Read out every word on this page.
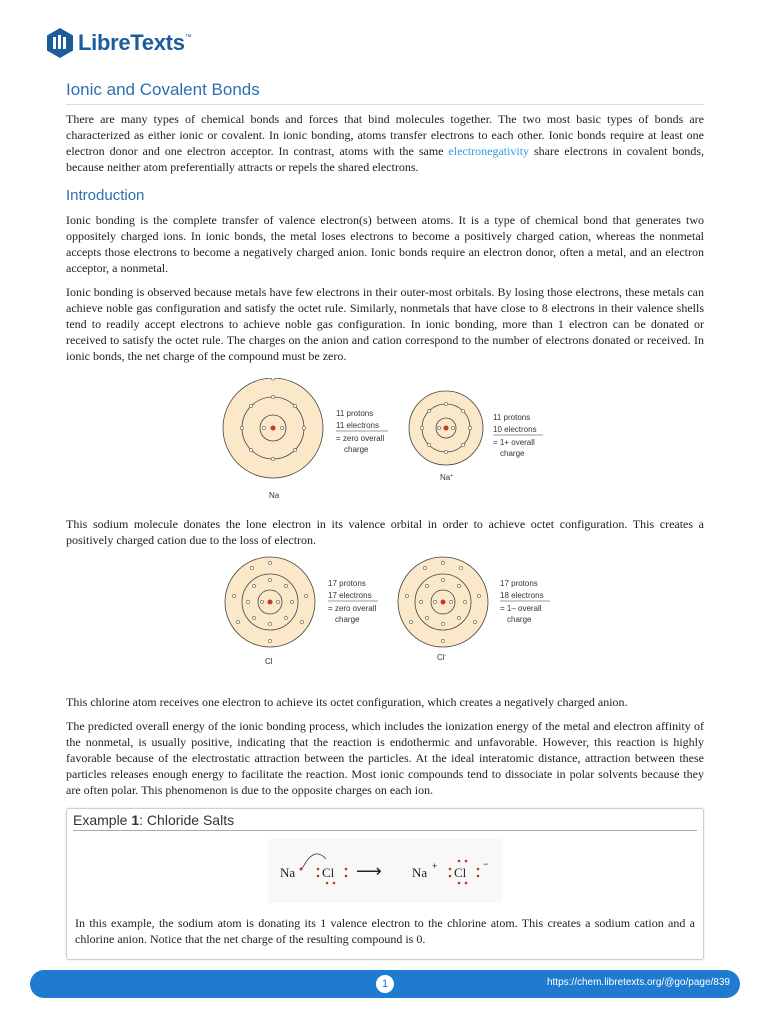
LibreTexts™
Ionic and Covalent Bonds

There are many types of chemical bonds and forces that bind molecules together. The two most basic types of bonds are characterized as either ionic or covalent. In ionic bonding, atoms transfer electrons to each other. Ionic bonds require at least one electron donor and one electron acceptor. In contrast, atoms with the same electronegativity share electrons in covalent bonds, because neither atom preferentially attracts or repels the shared electrons.

Introduction

Ionic bonding is the complete transfer of valence electron(s) between atoms. It is a type of chemical bond that generates two oppositely charged ions. In ionic bonds, the metal loses electrons to become a positively charged cation, whereas the nonmetal accepts those electrons to become a negatively charged anion. Ionic bonds require an electron donor, often a metal, and an electron acceptor, a nonmetal.

Ionic bonding is observed because metals have few electrons in their outer-most orbitals. By losing those electrons, these metals can achieve noble gas configuration and satisfy the octet rule. Similarly, nonmetals that have close to 8 electrons in their valence shells tend to readily accept electrons to achieve noble gas configuration. In ionic bonding, more than 1 electron can be donated or received to satisfy the octet rule. The charges on the anion and cation correspond to the number of electrons donated or received. In ionic bonds, the net charge of the compound must be zero.

Na
11 protons
11 electrons
= zero overall
charge
Na+
11 protons
10 electrons
= 1+ overall
charge

This sodium molecule donates the lone electron in its valence orbital in order to achieve octet configuration. This creates a positively charged cation due to the loss of electron.

Cl
17 protons
17 electrons
= zero overall
charge
Cl-
17 protons
18 electrons
= 1– overall
charge

This chlorine atom receives one electron to achieve its octet configuration, which creates a negatively charged anion.

The predicted overall energy of the ionic bonding process, which includes the ionization energy of the metal and electron affinity of the nonmetal, is usually positive, indicating that the reaction is endothermic and unfavorable. However, this reaction is highly favorable because of the electrostatic attraction between the particles. At the ideal interatomic distance, attraction between these particles releases enough energy to facilitate the reaction. Most ionic compounds tend to dissociate in polar solvents because they are often polar. This phenomenon is due to the opposite charges on each ion.

Example 1: Chloride Salts
Na Cl ⟶ Na + Cl
−

In this example, the sodium atom is donating its 1 valence electron to the chlorine atom. This creates a sodium cation and a chlorine anion. Notice that the net charge of the resulting compound is 0.

1	https://chem.libretexts.org/@go/page/839
